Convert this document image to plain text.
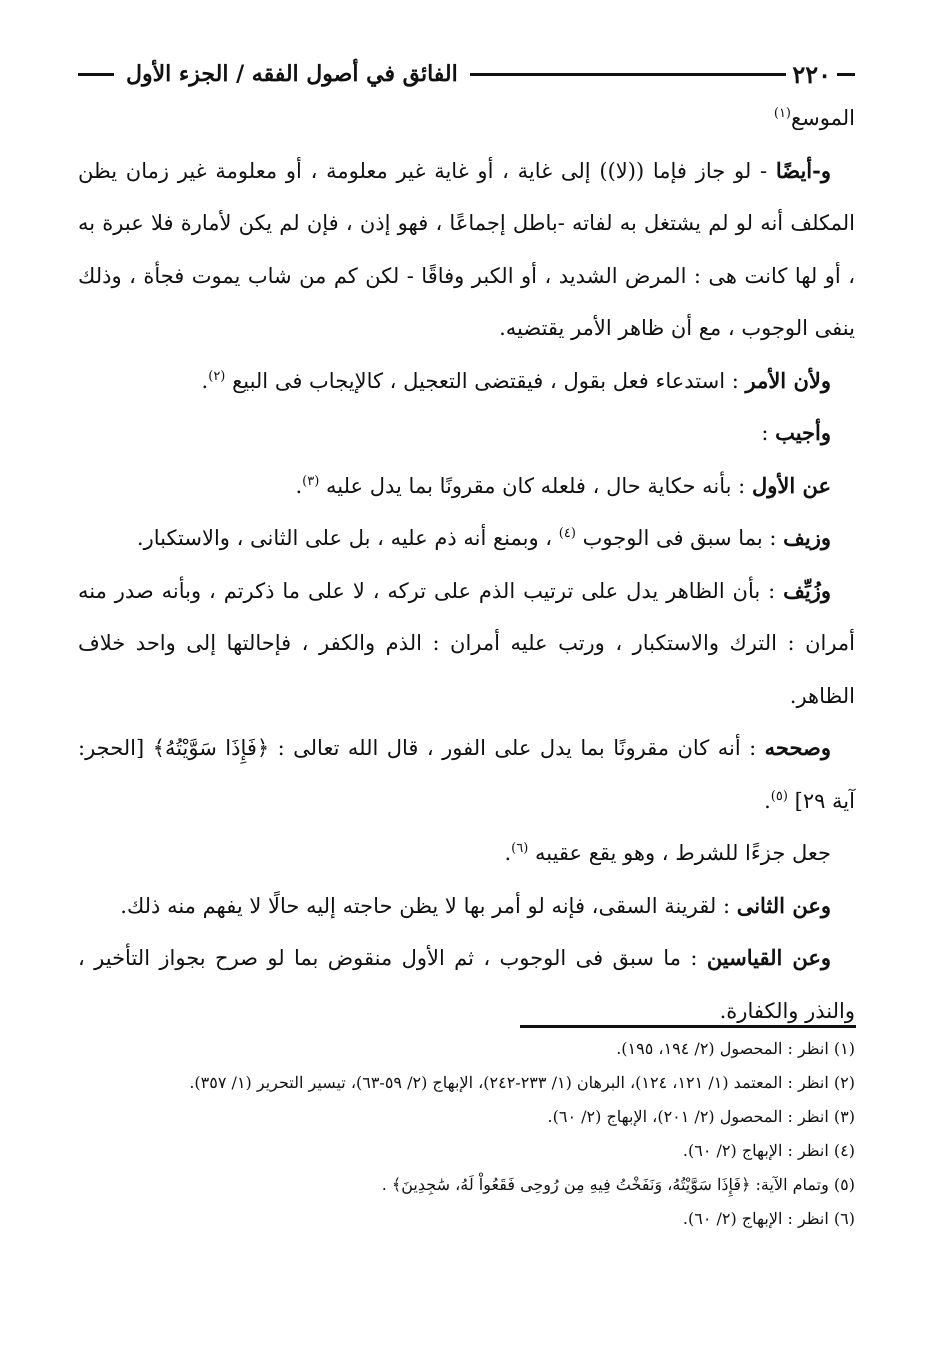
٢٢٠
الفائق في أصول الفقه / الجزء الأول

الموسع$^{(١)}$

و-أيضًا - لو جاز فإما ((لا)) إلى غاية ، أو غاية غير معلومة ، أو معلومة غير زمان يظن المكلف أنه لو لم يشتغل به لفاته -باطل إجماعًا ، فهو إذن ، فإن لم يكن لأمارة فلا عبرة به ، أو لها كانت هى : المرض الشديد ، أو الكبر وفاقًا - لكن كم من شاب يموت فجأة ، وذلك ينفى الوجوب ، مع أن ظاهر الأمر يقتضيه.

ولأن الأمر : استدعاء فعل بقول ، فيقتضى التعجيل ، كالإيجاب فى البيع $^{(٢)}$.

وأجيب :

عن الأول : بأنه حكاية حال ، فلعله كان مقرونًا بما يدل عليه $^{(٣)}$.

وزيف : بما سبق فى الوجوب $^{(٤)}$ ، وبمنع أنه ذم عليه ، بل على الثانى ، والاستكبار.

وزُيِّف : بأن الظاهر يدل على ترتيب الذم على تركه ، لا على ما ذكرتم ، وبأنه صدر منه أمران : الترك والاستكبار ، ورتب عليه أمران : الذم والكفر ، فإحالتها إلى واحد خلاف الظاهر.

وصححه : أنه كان مقرونًا بما يدل على الفور ، قال الله تعالى : ﴿فَإِذَا سَوَّيْتُهُ﴾ [الحجر: آية ٢٩] $^{(٥)}$.

جعل جزءًا للشرط ، وهو يقع عقيبه $^{(٦)}$.

وعن الثانى : لقرينة السقى، فإنه لو أمر بها لا يظن حاجته إليه حالًا لا يفهم منه ذلك.

وعن القياسين : ما سبق فى الوجوب ، ثم الأول منقوض بما لو صرح بجواز التأخير ، والنذر والكفارة.

(١) انظر : المحصول (٢/ ١٩٤، ١٩٥).

(٢) انظر : المعتمد (١/ ١٢١، ١٢٤)، البرهان (١/ ٢٣٣-٢٤٢)، الإبهاج (٢/ ٥٩-٦٣)، تيسير التحرير (١/ ٣٥٧).

(٣) انظر : المحصول (٢/ ٢٠١)، الإبهاج (٢/ ٦٠).

(٤) انظر : الإبهاج (٢/ ٦٠).

(٥) وتمام الآية: ﴿فَإِذَا سَوَّيْتُهُ، وَنَفَخْتُ فِيهِ مِن رُوحِى فَقَعُواْ لَهُ، سَٰجِدِينَ﴾ .

(٦) انظر : الإبهاج (٢/ ٦٠).
